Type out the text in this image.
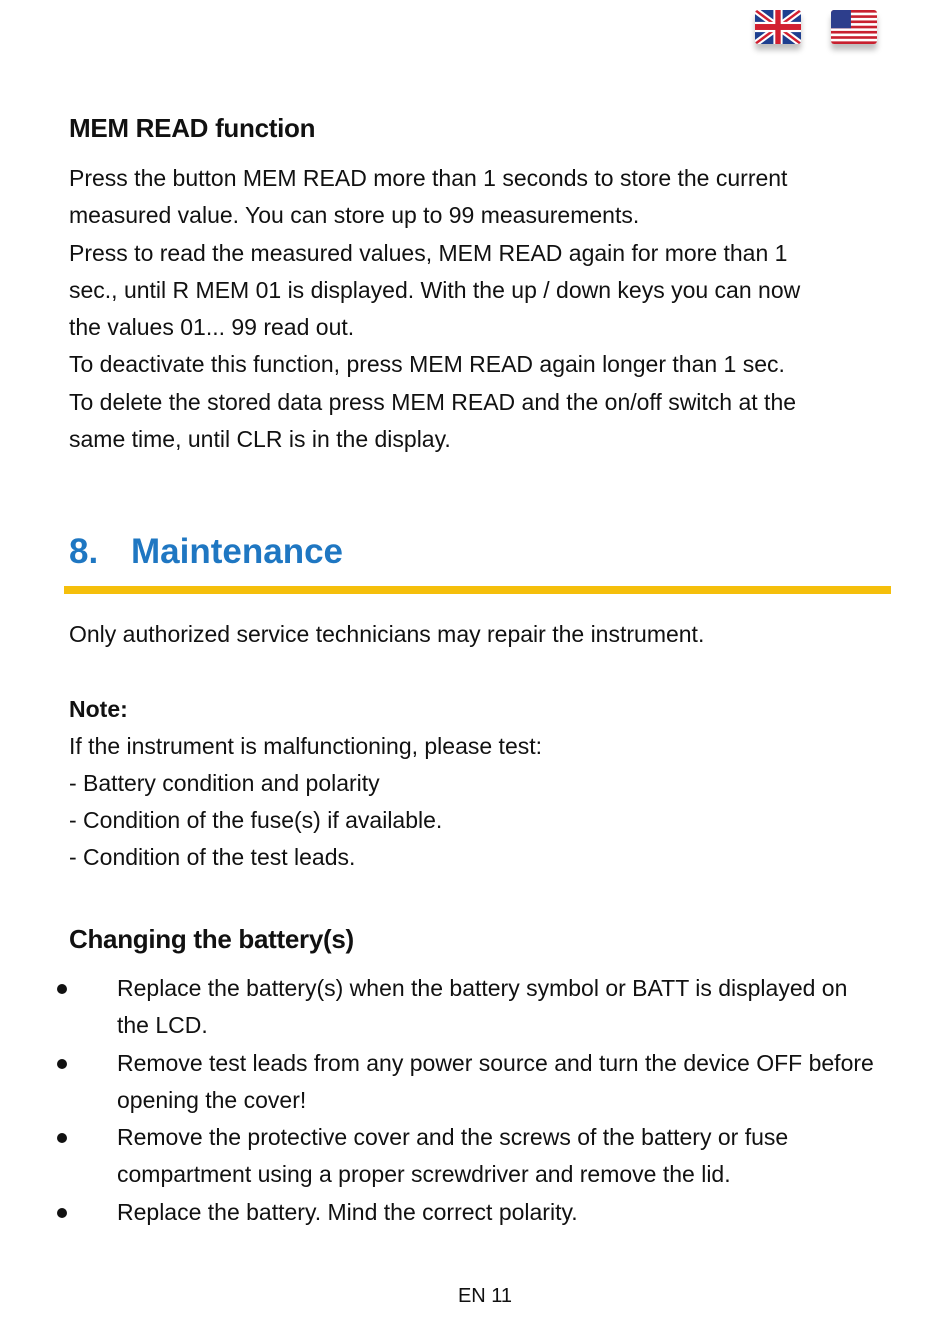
MEM READ function

Press the button MEM READ more than 1 seconds to store the current

measured value. You can store up to 99 measurements.

Press to read the measured values, MEM READ again for more than 1

sec., until R MEM 01 is displayed. With the up / down keys you can now

the values 01... 99 read out.

To deactivate this function, press MEM READ again longer than 1 sec.

To delete the stored data press MEM READ and the on/off switch at the

same time, until CLR is in the display.

8. Maintenance

Only authorized service technicians may repair the instrument.

Note:

If the instrument is malfunctioning, please test:

- Battery condition and polarity

- Condition of the fuse(s) if available.

- Condition of the test leads.

Changing the battery(s)
Replace the battery(s) when the battery symbol or BATT is displayed on the LCD.
Remove test leads from any power source and turn the device OFF before opening the cover!
Remove the protective cover and the screws of the battery or fuse compartment using a proper screwdriver and remove the lid.
Replace the battery. Mind the correct polarity.
EN 11
